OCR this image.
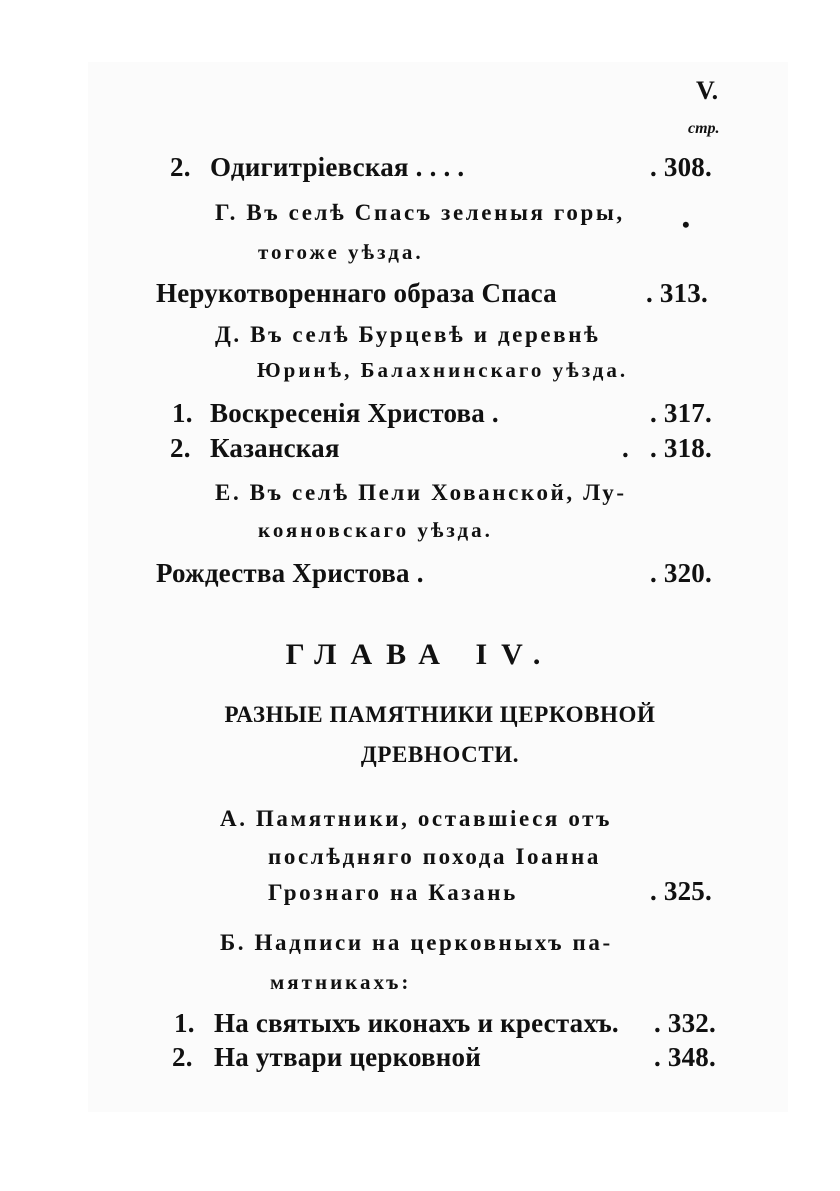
V.
стр.
2. Одигитріевская . . . .	. 308.
Г. Въ селѣ Спасъ зеленыя горы,	•
тогоже уѣзда.
Нерукотвореннаго образа Спаса	. 313.
Д. Въ селѣ Бурцевѣ и деревнѣ
Юринѣ, Балахнинскаго уѣзда.
1. Воскресенія Христова .	. 317.
2. Казанская	. . 318.
Е. Въ селѣ Пели Хованской, Лу-
кояновскаго уѣзда.
Рождества Христова .	. 320.
ГЛАВА IV.
РАЗНЫЕ ПАМЯТНИКИ ЦЕРКОВНОЙ
ДРЕВНОСТИ.
А. Памятники, оставшіеся отъ
послѣдняго похода Іоанна
Грознаго на Казань	. 325.
Б. Надписи на церковныхъ па-
мятникахъ:
1. На святыхъ иконахъ и крестахъ. . 332.
2. На утвари церковной	. 348.
